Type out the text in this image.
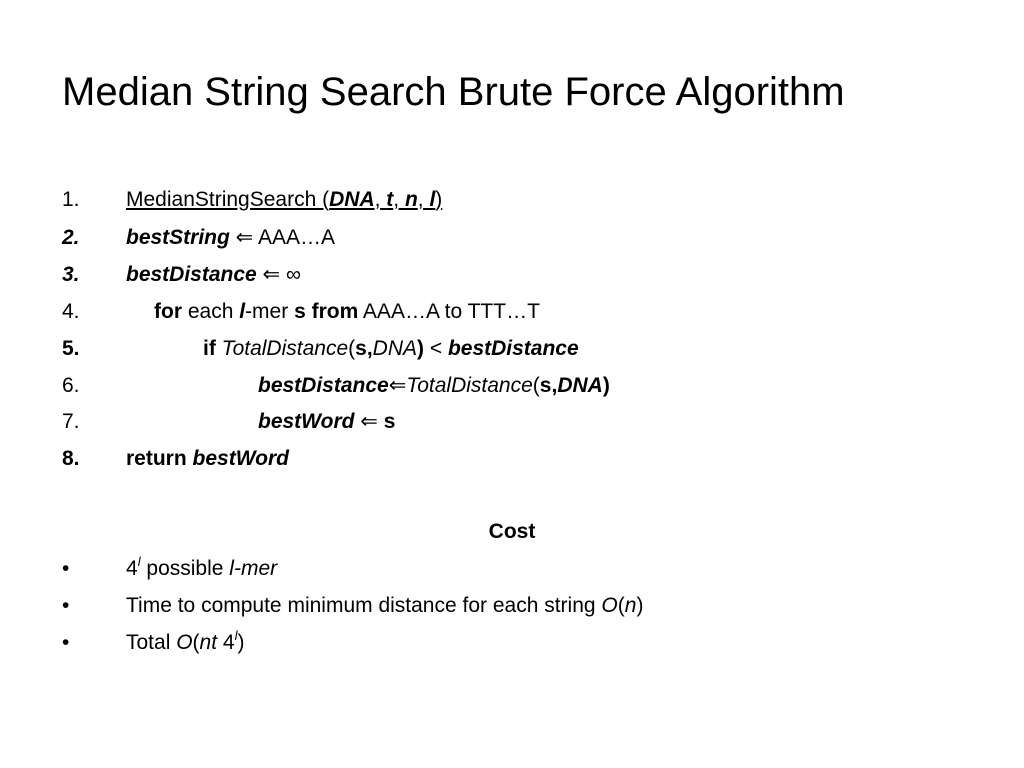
Median String Search Brute Force Algorithm
1. MedianStringSearch (DNA, t, n, l)
2. bestString ⇐ AAA…A
3. bestDistance ⇐ ∞
4.	for each l-mer s from AAA…A to TTT…T
5.	if TotalDistance(s,DNA) < bestDistance
6.	bestDistance⇐TotalDistance(s,DNA)
7.	bestWord ⇐ s
8. return bestWord
Cost
•	4$^l$ possible l-mer
•	Time to compute minimum distance for each string O(n)
•	Total O(nt 4$^l$)
